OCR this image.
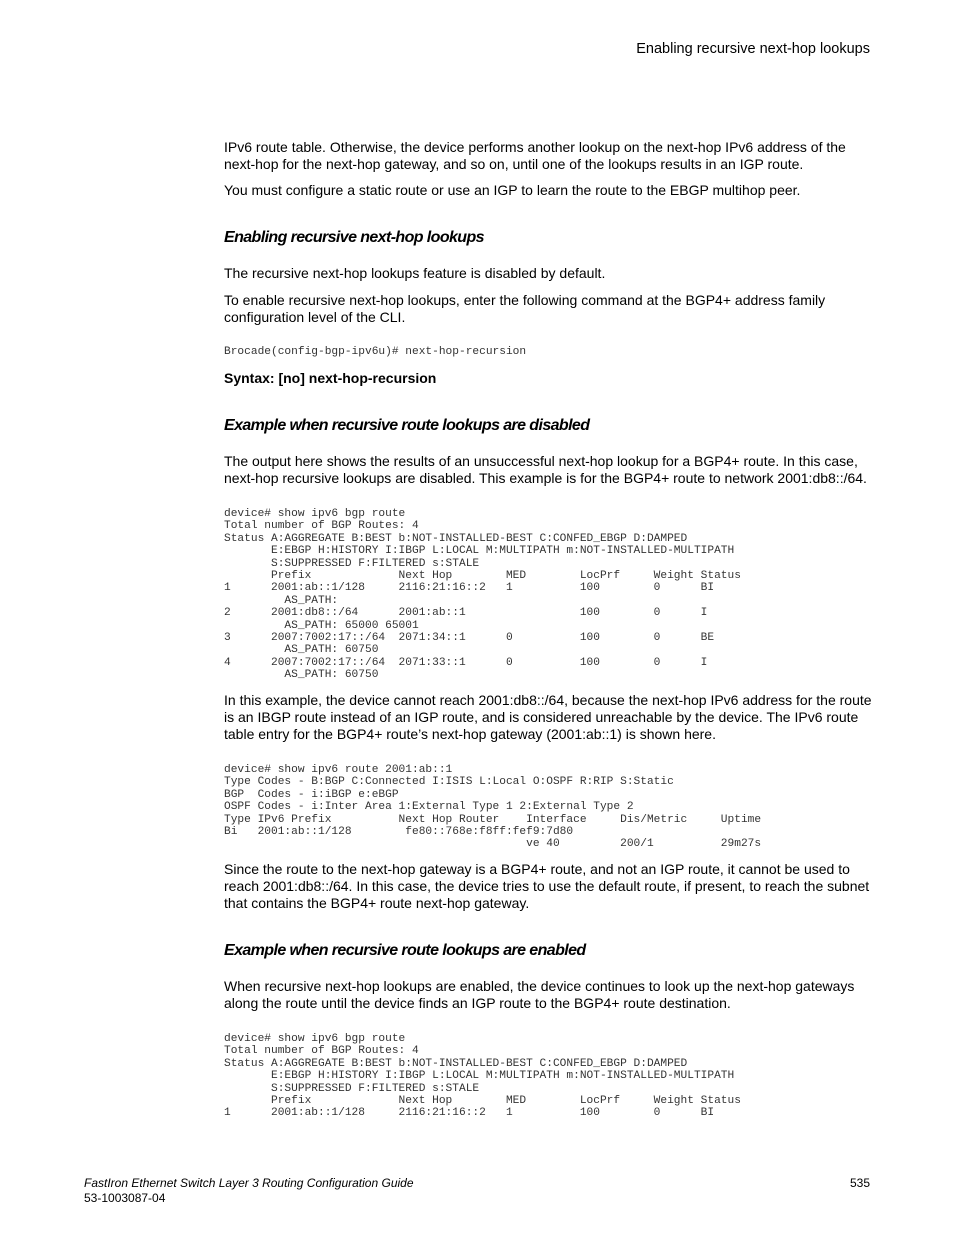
Enabling recursive next-hop lookups

IPv6 route table. Otherwise, the device performs another lookup on the next-hop IPv6 address of the next-hop for the next-hop gateway, and so on, until one of the lookups results in an IGP route.

You must configure a static route or use an IGP to learn the route to the EBGP multihop peer.

Enabling recursive next-hop lookups

The recursive next-hop lookups feature is disabled by default.

To enable recursive next-hop lookups, enter the following command at the BGP4+ address family configuration level of the CLI.

Brocade(config-bgp-ipv6u)# next-hop-recursion

Syntax: [no] next-hop-recursion

Example when recursive route lookups are disabled

The output here shows the results of an unsuccessful next-hop lookup for a BGP4+ route. In this case, next-hop recursive lookups are disabled. This example is for the BGP4+ route to network 2001:db8::/64.

device# show ipv6 bgp route
Total number of BGP Routes: 4
Status A:AGGREGATE B:BEST b:NOT-INSTALLED-BEST C:CONFED_EBGP D:DAMPED
E:EBGP H:HISTORY I:IBGP L:LOCAL M:MULTIPATH m:NOT-INSTALLED-MULTIPATH
S:SUPPRESSED F:FILTERED s:STALE
Prefix             Next Hop        MED        LocPrf     Weight Status
1      2001:ab::1/128     2116:21:16::2   1          100        0      BI
AS_PATH:
2      2001:db8::/64      2001:ab::1                 100        0      I
AS_PATH: 65000 65001
3      2007:7002:17::/64  2071:34::1      0          100        0      BE
AS_PATH: 60750
4      2007:7002:17::/64  2071:33::1      0          100        0      I
AS_PATH: 60750

In this example, the device cannot reach 2001:db8::/64, because the next-hop IPv6 address for the route is an IBGP route instead of an IGP route, and is considered unreachable by the device. The IPv6 route table entry for the BGP4+ route’s next-hop gateway (2001:ab::1) is shown here.

device# show ipv6 route 2001:ab::1
Type Codes - B:BGP C:Connected I:ISIS L:Local O:OSPF R:RIP S:Static
BGP  Codes - i:iBGP e:eBGP
OSPF Codes - i:Inter Area 1:External Type 1 2:External Type 2
Type IPv6 Prefix          Next Hop Router    Interface     Dis/Metric     Uptime
Bi   2001:ab::1/128        fe80::768e:f8ff:fef9:7d80
ve 40         200/1          29m27s

Since the route to the next-hop gateway is a BGP4+ route, and not an IGP route, it cannot be used to reach 2001:db8::/64. In this case, the device tries to use the default route, if present, to reach the subnet that contains the BGP4+ route next-hop gateway.

Example when recursive route lookups are enabled

When recursive next-hop lookups are enabled, the device continues to look up the next-hop gateways along the route until the device finds an IGP route to the BGP4+ route destination.

device# show ipv6 bgp route
Total number of BGP Routes: 4
Status A:AGGREGATE B:BEST b:NOT-INSTALLED-BEST C:CONFED_EBGP D:DAMPED
E:EBGP H:HISTORY I:IBGP L:LOCAL M:MULTIPATH m:NOT-INSTALLED-MULTIPATH
S:SUPPRESSED F:FILTERED s:STALE
Prefix             Next Hop        MED        LocPrf     Weight Status
1      2001:ab::1/128     2116:21:16::2   1          100        0      BI
FastIron Ethernet Switch Layer 3 Routing Configuration Guide
53-1003087-04
535
